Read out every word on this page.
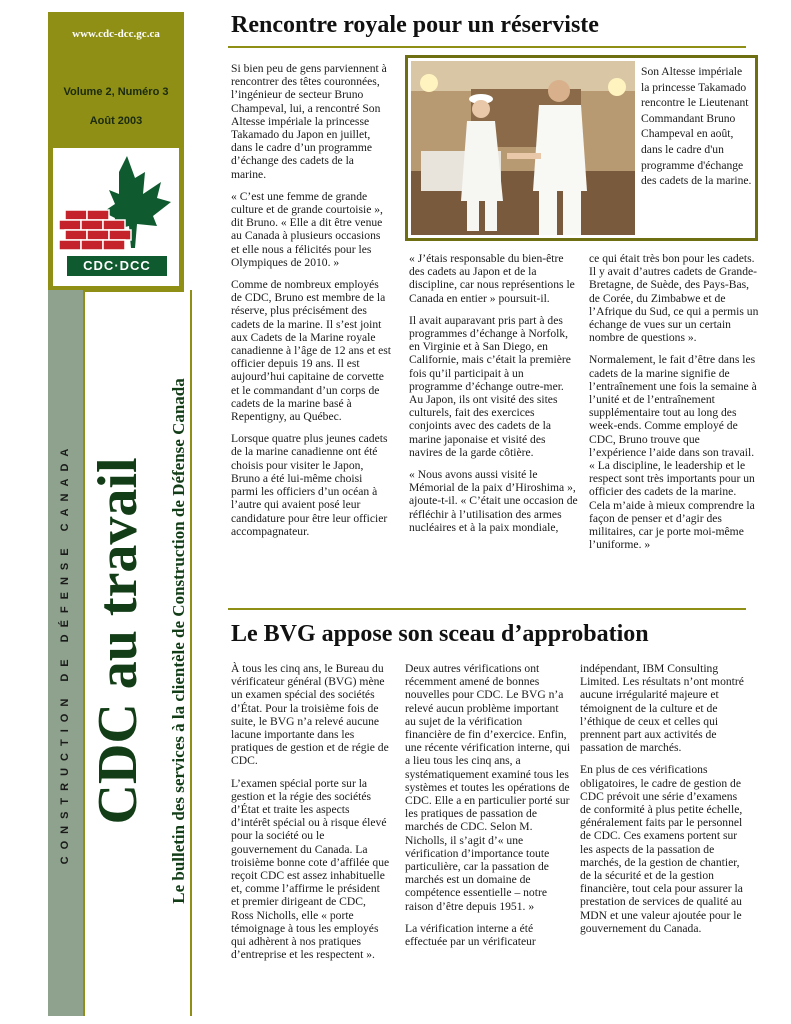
www.cdc-dcc.gc.ca
Volume 2, Numéro 3
Août 2003
CDC·DCC
CONSTRUCTION DE DÉFENSE CANADA CDC au travail Le bulletin des services à la clientèle de Construction de Défense Canada
Rencontre royale pour un réserviste

Si bien peu de gens parviennent à rencontrer des têtes couronnées, l’ingénieur de secteur Bruno Champeval, lui, a rencontré Son Altesse impériale la princesse Takamado du Japon en juillet, dans le cadre d’un programme d’échange des cadets de la marine.

« C’est une femme de grande culture et de grande courtoisie », dit Bruno. « Elle a dit être venue au Canada à plusieurs occasions et elle nous a félicités pour les Olympiques de 2010. »

Comme de nombreux employés de CDC, Bruno est membre de la réserve, plus précisément des cadets de la marine. Il s’est joint aux Cadets de la Marine royale canadienne à l’âge de 12 ans et est officier depuis 19 ans. Il est aujourd’hui capitaine de corvette et le commandant d’un corps de cadets de la marine basé à Repentigny, au Québec.

Lorsque quatre plus jeunes cadets de la marine canadienne ont été choisis pour visiter le Japon, Bruno a été lui-même choisi parmi les officiers d’un océan à l’autre qui avaient posé leur candidature pour être leur officier accompagnateur.

Son Altesse impériale la princesse Takamado rencontre le Lieutenant Commandant Bruno Champeval en août, dans le cadre d'un programme d'échange des cadets de la marine.

« J’étais responsable du bien-être des cadets au Japon et de la discipline, car nous représentions le Canada en entier » poursuit-il.

Il avait auparavant pris part à des programmes d’échange à Norfolk, en Virginie et à San Diego, en Californie, mais c’était la première fois qu’il participait à un programme d’échange outre-mer. Au Japon, ils ont visité des sites culturels, fait des exercices conjoints avec des cadets de la marine japonaise et visité des navires de la garde côtière.

« Nous avons aussi visité le Mémorial de la paix d’Hiroshima », ajoute-t-il. « C’était une occasion de réfléchir à l’utilisation des armes nucléaires et à la paix mondiale,

ce qui était très bon pour les cadets. Il y avait d’autres cadets de Grande-Bretagne, de Suède, des Pays-Bas, de Corée, du Zimbabwe et de l’Afrique du Sud, ce qui a permis un échange de vues sur un certain nombre de questions ».

Normalement, le fait d’être dans les cadets de la marine signifie de l’entraînement une fois la semaine à l’unité et de l’entraînement supplémentaire tout au long des week-ends. Comme employé de CDC, Bruno trouve que l’expérience l’aide dans son travail. « La discipline, le leadership et le respect sont très importants pour un officier des cadets de la marine. Cela m’aide à mieux comprendre la façon de penser et d’agir des militaires, car je porte moi-même l’uniforme. »

Le BVG appose son sceau d’approbation

À tous les cinq ans, le Bureau du vérificateur général (BVG) mène un examen spécial des sociétés d’État. Pour la troisième fois de suite, le BVG n’a relevé aucune lacune importante dans les pratiques de gestion et de régie de CDC.

L’examen spécial porte sur la gestion et la régie des sociétés d’État et traite les aspects d’intérêt spécial ou à risque élevé pour la société ou le gouvernement du Canada. La troisième bonne cote d’affilée que reçoit CDC est assez inhabituelle et, comme l’affirme le président et premier dirigeant de CDC, Ross Nicholls, elle « porte témoignage à tous les employés qui adhèrent à nos pratiques d’entreprise et les respectent ».

Deux autres vérifications ont récemment amené de bonnes nouvelles pour CDC. Le BVG n’a relevé aucun problème important au sujet de la vérification financière de fin d’exercice. Enfin, une récente vérification interne, qui a lieu tous les cinq ans, a systématiquement examiné tous les systèmes et toutes les opérations de CDC. Elle a en particulier porté sur les pratiques de passation de marchés de CDC. Selon M. Nicholls, il s’agit d’« une vérification d’importance toute particulière, car la passation de marchés est un domaine de compétence essentielle – notre raison d’être depuis 1951. »

La vérification interne a été effectuée par un vérificateur

indépendant, IBM Consulting Limited. Les résultats n’ont montré aucune irrégularité majeure et témoignent de la culture et de l’éthique de ceux et celles qui prennent part aux activités de passation de marchés.

En plus de ces vérifications obligatoires, le cadre de gestion de CDC prévoit une série d’examens de conformité à plus petite échelle, généralement faits par le personnel de CDC. Ces examens portent sur les aspects de la passation de marchés, de la gestion de chantier, de la sécurité et de la gestion financière, tout cela pour assurer la prestation de services de qualité au MDN et une valeur ajoutée pour le gouvernement du Canada.
